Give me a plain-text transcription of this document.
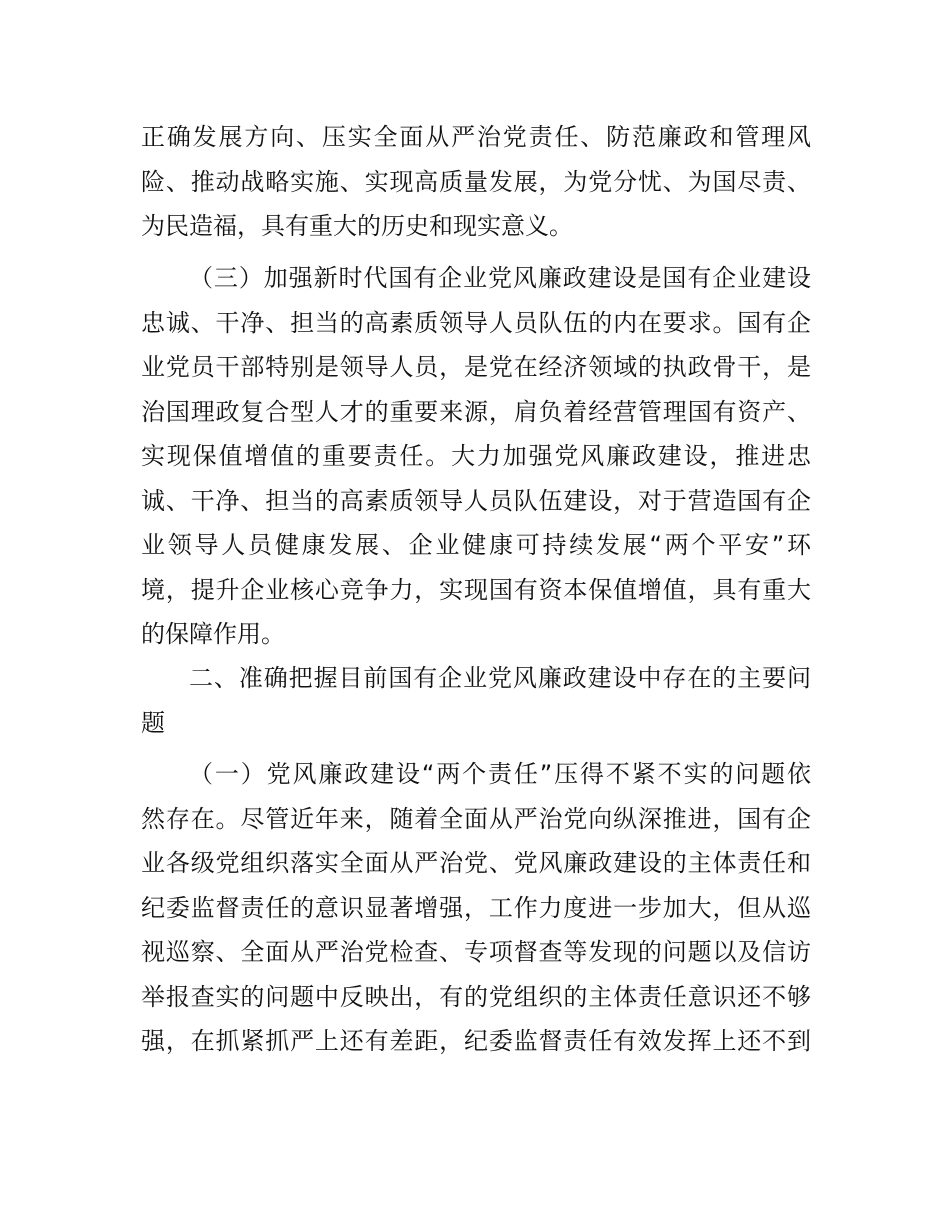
正确发展方向、压实全面从严治党责任、防范廉政和管理风
险、推动战略实施、实现高质量发展，为党分忧、为国尽责、
为民造福，具有重大的历史和现实意义。
（三）加强新时代国有企业党风廉政建设是国有企业建设
忠诚、干净、担当的高素质领导人员队伍的内在要求。国有企
业党员干部特别是领导人员，是党在经济领域的执政骨干，是
治国理政复合型人才的重要来源，肩负着经营管理国有资产、
实现保值增值的重要责任。大力加强党风廉政建设，推进忠
诚、干净、担当的高素质领导人员队伍建设，对于营造国有企
业领导人员健康发展、企业健康可持续发展“两个平安”环
境，提升企业核心竞争力，实现国有资本保值增值，具有重大
的保障作用。
二、准确把握目前国有企业党风廉政建设中存在的主要问
题
（一）党风廉政建设“两个责任”压得不紧不实的问题依
然存在。尽管近年来，随着全面从严治党向纵深推进，国有企
业各级党组织落实全面从严治党、党风廉政建设的主体责任和
纪委监督责任的意识显著增强，工作力度进一步加大，但从巡
视巡察、全面从严治党检查、专项督查等发现的问题以及信访
举报查实的问题中反映出，有的党组织的主体责任意识还不够
强，在抓紧抓严上还有差距，纪委监督责任有效发挥上还不到
